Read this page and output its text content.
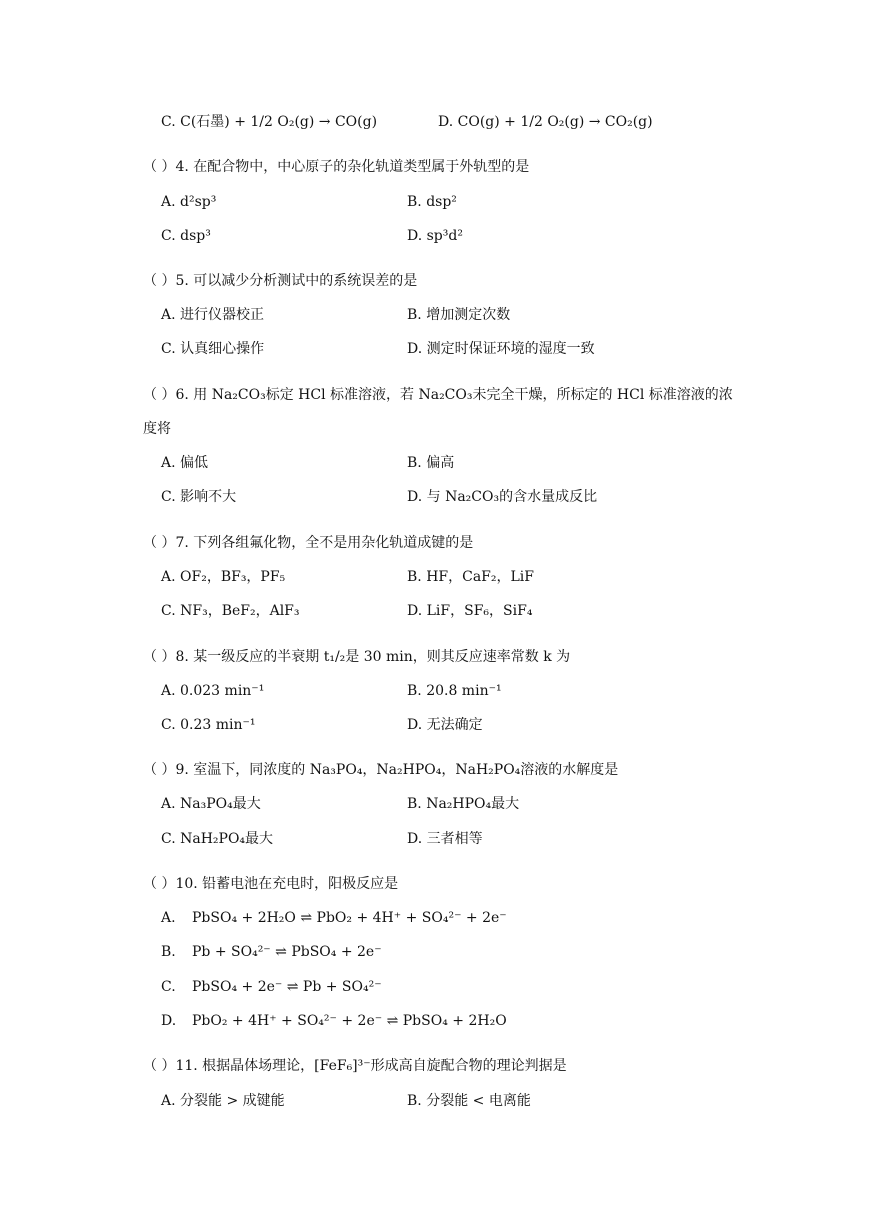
C. C(石墨) + 1/2 O₂(g) → CO(g)	D. CO(g) + 1/2 O₂(g) → CO₂(g)
（ ）4. 在配合物中，中心原子的杂化轨道类型属于外轨型的是
A. d²sp³	B. dsp²
C. dsp³	D. sp³d²
（ ）5. 可以减少分析测试中的系统误差的是
A. 进行仪器校正	B. 增加测定次数
C. 认真细心操作	D. 测定时保证环境的湿度一致
（ ）6. 用 Na₂CO₃标定 HCl 标准溶液，若 Na₂CO₃未完全干燥，所标定的 HCl 标准溶液的浓
度将
A. 偏低	B. 偏高
C. 影响不大	D. 与 Na₂CO₃的含水量成反比
（ ）7. 下列各组氟化物，全不是用杂化轨道成键的是
A. OF₂，BF₃，PF₅	B. HF，CaF₂，LiF
C. NF₃，BeF₂，AlF₃	D. LiF，SF₆，SiF₄
（ ）8. 某一级反应的半衰期 t₁/₂是 30 min，则其反应速率常数 k 为
A. 0.023 min⁻¹	B. 20.8 min⁻¹
C. 0.23 min⁻¹	D. 无法确定
（ ）9. 室温下，同浓度的 Na₃PO₄，Na₂HPO₄，NaH₂PO₄溶液的水解度是
A. Na₃PO₄最大	B. Na₂HPO₄最大
C. NaH₂PO₄最大	D. 三者相等
（ ）10. 铅蓄电池在充电时，阳极反应是
A. PbSO₄ + 2H₂O ⇌ PbO₂ + 4H⁺ + SO₄²⁻ + 2e⁻
B. Pb + SO₄²⁻ ⇌ PbSO₄ + 2e⁻
C. PbSO₄ + 2e⁻ ⇌ Pb + SO₄²⁻
D. PbO₂ + 4H⁺ + SO₄²⁻ + 2e⁻ ⇌ PbSO₄ + 2H₂O
（ ）11. 根据晶体场理论，[FeF₆]³⁻形成高自旋配合物的理论判据是
A. 分裂能 > 成键能	B. 分裂能 < 电离能
